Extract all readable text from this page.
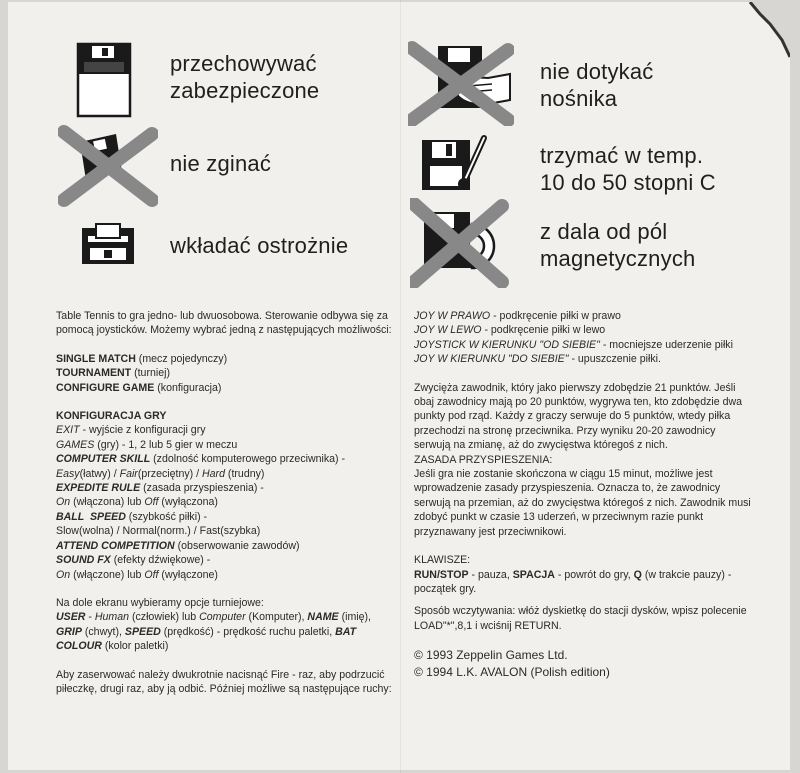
przechowywać zabezpieczone
nie zginać
wkładać ostrożnie
nie dotykać
nośnika
trzymać w temp.
10 do 50 stopni C
z dala od pól
magnetycznych

Table Tennis to gra jedno- lub dwuosobowa. Sterowanie odbywa się za pomocą joysticków. Możemy wybrać jedną z następujących możliwości:

SINGLE MATCH (mecz pojedynczy)

TOURNAMENT (turniej)

CONFIGURE GAME (konfiguracja)

KONFIGURACJA GRY

EXIT - wyjście z konfiguracji gry

GAMES (gry) - 1, 2 lub 5 gier w meczu

COMPUTER SKILL (zdolność komputerowego przeciwnika) -

Easy(łatwy) / Fair(przeciętny) / Hard (trudny)

EXPEDITE RULE (zasada przyspieszenia) -

On (włączona) lub Off (wyłączona)

BALL  SPEED (szybkość piłki) -

Slow(wolna) / Normal(norm.) / Fast(szybka)

ATTEND COMPETITION (obserwowanie zawodów)

SOUND FX (efekty dźwiękowe) -

On (włączone) lub Off (wyłączone)

Na dole ekranu wybieramy opcje turniejowe:

USER - Human (człowiek) lub Computer (Komputer), NAME (imię), GRIP (chwyt), SPEED (prędkość) - prędkość ruchu paletki, BAT COLOUR (kolor paletki)

Aby zaserwować należy dwukrotnie nacisnąć Fire - raz, aby podrzucić piłeczkę, drugi raz, aby ją odbić. Później możliwe są następujące ruchy:

JOY W PRAWO - podkręcenie piłki w prawo

JOY W LEWO - podkręcenie piłki w lewo

JOYSTICK W KIERUNKU "OD SIEBIE" - mocniejsze uderzenie piłki

JOY W KIERUNKU "DO SIEBIE" - upuszczenie piłki.

Zwycięża zawodnik, który jako pierwszy zdobędzie 21 punktów. Jeśli obaj zawodnicy mają po 20 punktów, wygrywa ten, kto zdobędzie dwa punkty pod rząd. Każdy z graczy serwuje do 5 punktów, wtedy piłka przechodzi na stronę przeciwnika. Przy wyniku 20-20 zawodnicy serwują na zmianę, aż do zwycięstwa któregoś z nich.

ZASADA PRZYSPIESZENIA:

Jeśli gra nie zostanie skończona w ciągu 15 minut, możliwe jest wprowadzenie zasady przyspieszenia. Oznacza to, że zawodnicy serwują na przemian, aż do zwycięstwa któregoś z nich. Zawodnik musi zdobyć punkt w czasie 13 uderzeń, w przeciwnym razie punkt przyznawany jest przeciwnikowi.

KLAWISZE:

RUN/STOP - pauza, SPACJA - powrót do gry, Q (w trakcie pauzy) - początek gry.

Sposób wczytywania: włóż dyskietkę do stacji dysków, wpisz polecenie LOAD"*",8,1 i wciśnij RETURN.

© 1993 Zeppelin Games Ltd.

© 1994 L.K. AVALON (Polish edition)
